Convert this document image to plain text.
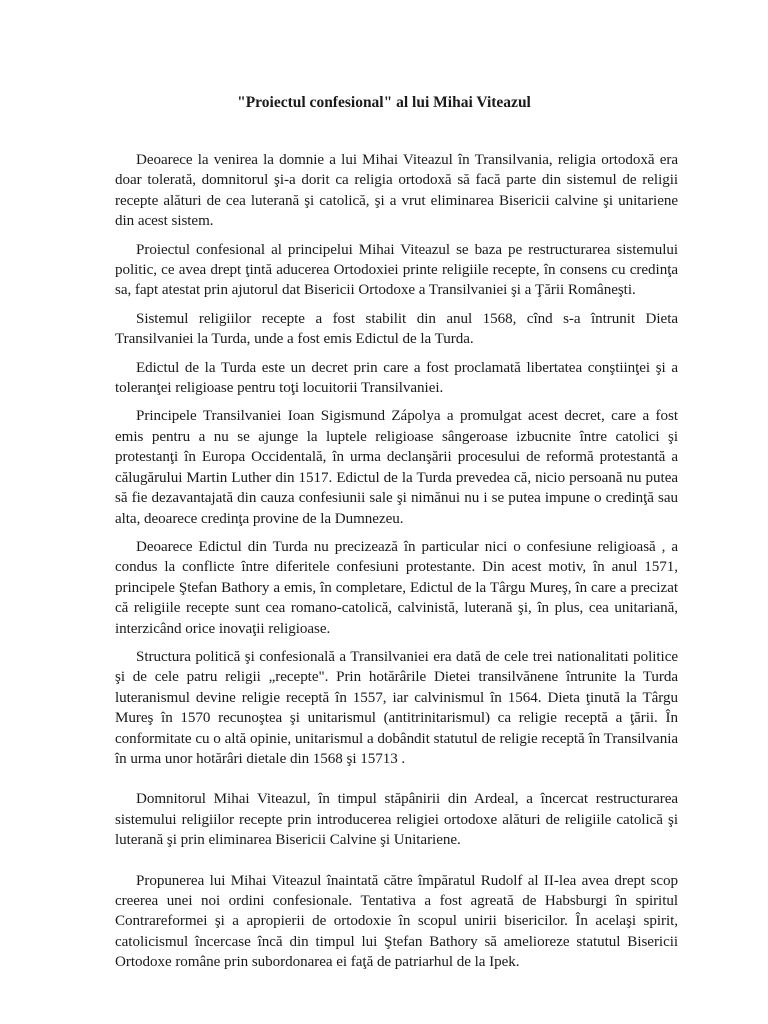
"Proiectul confesional" al lui Mihai Viteazul

Deoarece la venirea la domnie a lui Mihai Viteazul în Transilvania, religia ortodoxă era doar tolerată, domnitorul şi-a dorit ca religia ortodoxă să facă parte din sistemul de religii recepte alături de cea luterană şi catolică, şi a vrut eliminarea Bisericii calvine şi unitariene din acest sistem.

Proiectul confesional al principelui Mihai Viteazul se baza pe restructurarea sistemului politic, ce avea drept ţintă aducerea Ortodoxiei printe religiile recepte, în consens cu credinţa sa, fapt atestat prin ajutorul dat Bisericii Ortodoxe a Transilvaniei şi a Ţării Româneşti.

Sistemul religiilor recepte a fost stabilit din anul 1568, cînd s-a întrunit Dieta Transilvaniei la Turda, unde a fost emis Edictul de la Turda.

Edictul de la Turda este un decret prin care a fost proclamată libertatea conştiinţei şi a toleranţei religioase pentru toţi locuitorii Transilvaniei.

Principele Transilvaniei Ioan Sigismund Zápolya a promulgat acest decret, care a fost emis pentru a nu se ajunge la luptele religioase sângeroase izbucnite între catolici şi protestanţi în Europa Occidentală, în urma declanşării procesului de reformă protestantă a călugărului Martin Luther din 1517. Edictul de la Turda prevedea că, nicio persoană nu putea să fie dezavantajată din cauza confesiunii sale şi nimănui nu i se putea impune o credinţă sau alta, deoarece credinţa provine de la Dumnezeu.

Deoarece Edictul din Turda nu precizează în particular nici o confesiune religioasă , a condus la conflicte între diferitele confesiuni protestante. Din acest motiv, în anul 1571, principele Ştefan Bathory a emis, în completare, Edictul de la Târgu Mureş, în care a precizat că religiile recepte sunt cea romano-catolică, calvinistă, luterană şi, în plus, cea unitariană, interzicând orice inovaţii religioase.

Structura politică şi confesională a Transilvaniei era dată de cele trei nationalitati politice şi de cele patru religii „recepte". Prin hotărârile Dietei transilvănene întrunite la Turda luteranismul devine religie receptă în 1557, iar calvinismul în 1564. Dieta ţinută la Târgu Mureş în 1570 recunoştea şi unitarismul (antitrinitarismul) ca religie receptă a ţării. În conformitate cu o altă opinie, unitarismul a dobândit statutul de religie receptă în Transilvania în urma unor hotărâri dietale din 1568 şi 15713 .

Domnitorul Mihai Viteazul, în timpul stăpânirii din Ardeal, a încercat restructurarea sistemului religiilor recepte prin introducerea religiei ortodoxe alături de religiile catolică şi luterană şi prin eliminarea Bisericii Calvine şi Unitariene.

Propunerea lui Mihai Viteazul înaintată către împăratul Rudolf al II-lea avea drept scop creerea unei noi ordini confesionale. Tentativa a fost agreată de Habsburgi în spiritul Contrareformei şi a apropierii de ortodoxie în scopul unirii bisericilor. În acelaşi spirit, catolicismul încercase încă din timpul lui Ştefan Bathory să amelioreze statutul Bisericii Ortodoxe române prin subordonarea ei faţă de patriarhul de la Ipek.
